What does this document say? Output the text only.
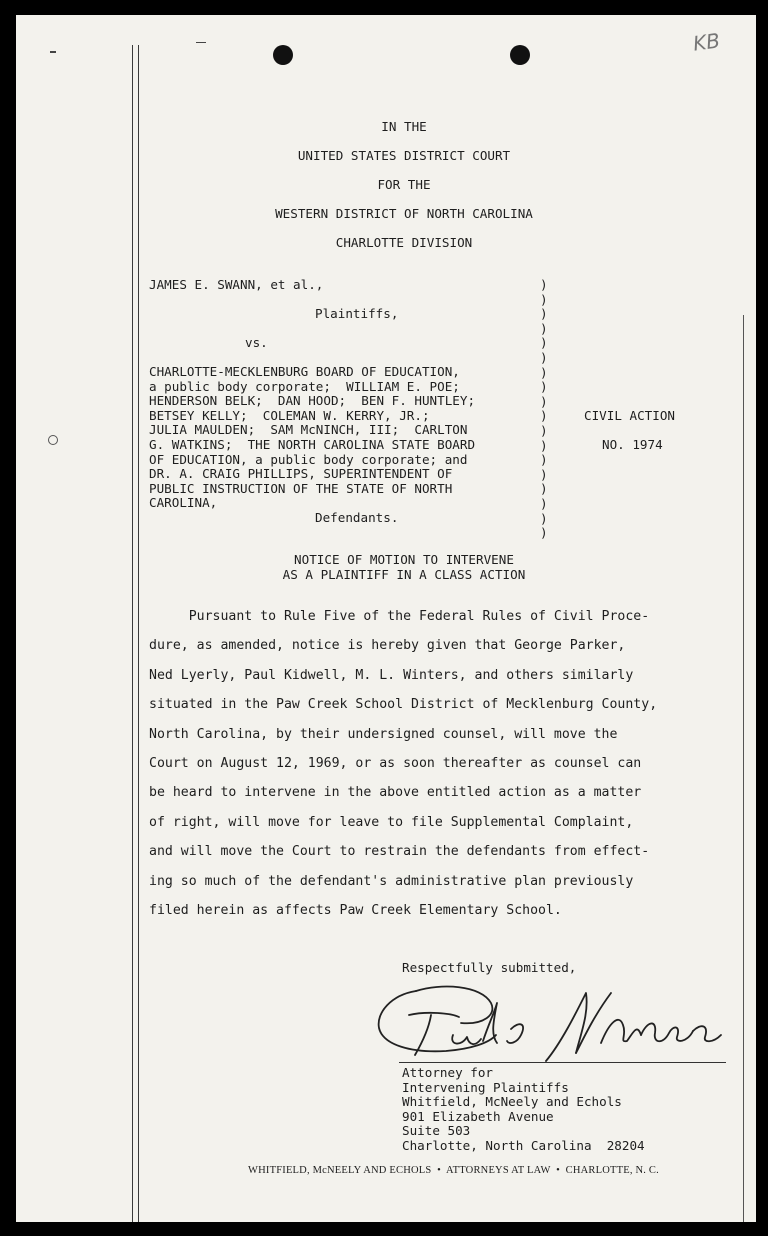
KB
IN THE
UNITED STATES DISTRICT COURT
FOR THE
WESTERN DISTRICT OF NORTH CAROLINA
CHARLOTTE DIVISION
JAMES E. SWANN, et al.,
Plaintiffs,
vs.
CHARLOTTE-MECKLENBURG BOARD OF EDUCATION,
a public body corporate;  WILLIAM E. POE;
HENDERSON BELK;  DAN HOOD;  BEN F. HUNTLEY;
BETSEY KELLY;  COLEMAN W. KERRY, JR.;
JULIA MAULDEN;  SAM McNINCH, III;  CARLTON
G. WATKINS;  THE NORTH CAROLINA STATE BOARD
OF EDUCATION, a public body corporate; and
DR. A. CRAIG PHILLIPS, SUPERINTENDENT OF
PUBLIC INSTRUCTION OF THE STATE OF NORTH
CAROLINA,
Defendants.
)
)
)
)
)
)
)
)
)
)
)
)
)
)
)
)
)
)
CIVIL ACTION
NO. 1974
NOTICE OF MOTION TO INTERVENE
AS A PLAINTIFF IN A CLASS ACTION
Pursuant to Rule Five of the Federal Rules of Civil Proce-
dure, as amended, notice is hereby given that George Parker,
Ned Lyerly, Paul Kidwell, M. L. Winters, and others similarly
situated in the Paw Creek School District of Mecklenburg County,
North Carolina, by their undersigned counsel, will move the
Court on August 12, 1969, or as soon thereafter as counsel can
be heard to intervene in the above entitled action as a matter
of right, will move for leave to file Supplemental Complaint,
and will move the Court to restrain the defendants from effect-
ing so much of the defendant's administrative plan previously
filed herein as affects Paw Creek Elementary School.
Respectfully submitted,
Attorney for
Intervening Plaintiffs
Whitfield, McNeely and Echols
901 Elizabeth Avenue
Suite 503
Charlotte, North Carolina  28204
WHITFIELD, McNEELY AND ECHOLS  •  ATTORNEYS AT LAW  •  CHARLOTTE, N. C.
